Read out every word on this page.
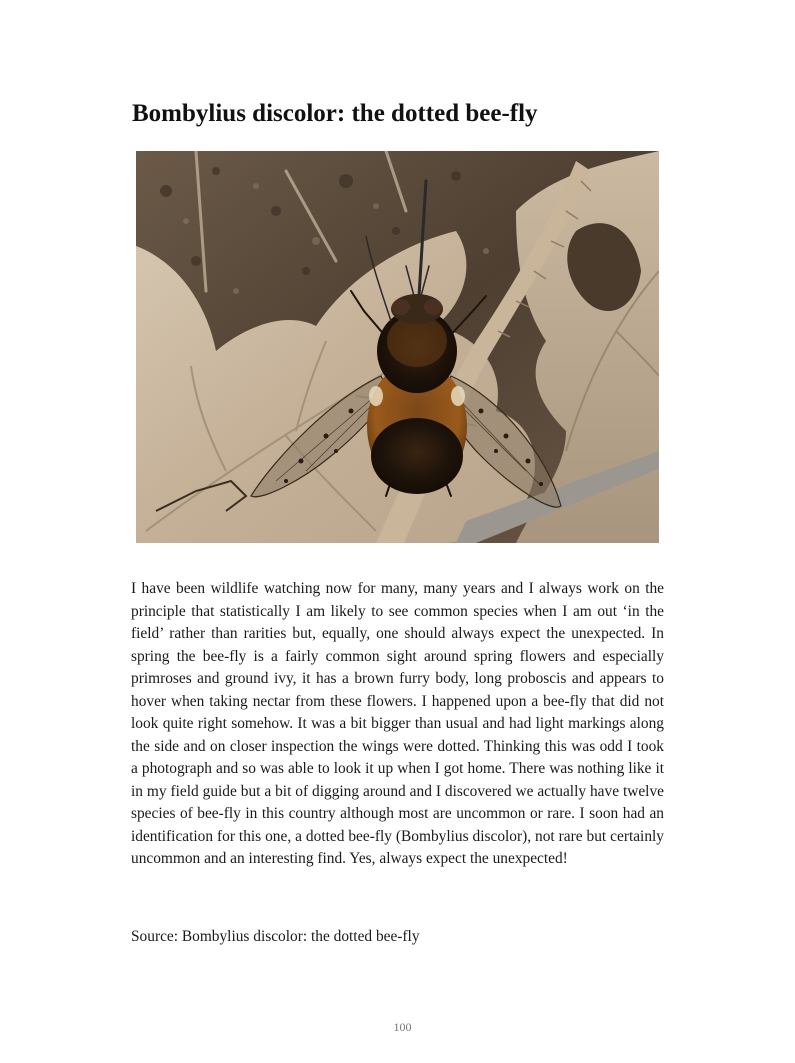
Bombylius discolor: the dotted bee-fly

I have been wildlife watching now for many, many years and I always work on the principle that statistically I am likely to see common species when I am out ‘in the field’ rather than rarities but, equally, one should always expect the unexpected. In spring the bee-fly is a fairly common sight around spring flowers and especially primroses and ground ivy, it has a brown furry body, long proboscis and appears to hover when taking nectar from these flowers. I happened upon a bee-fly that did not look quite right somehow. It was a bit bigger than usual and had light markings along the side and on closer inspection the wings were dotted. Thinking this was odd I took a photograph and so was able to look it up when I got home. There was nothing like it in my field guide but a bit of digging around and I discovered we actually have twelve species of bee-fly in this country although most are uncommon or rare. I soon had an identification for this one, a dotted bee-fly (Bombylius discolor), not rare but certainly uncommon and an interesting find. Yes, always expect the unexpected!

Source: Bombylius discolor: the dotted bee-fly

100
